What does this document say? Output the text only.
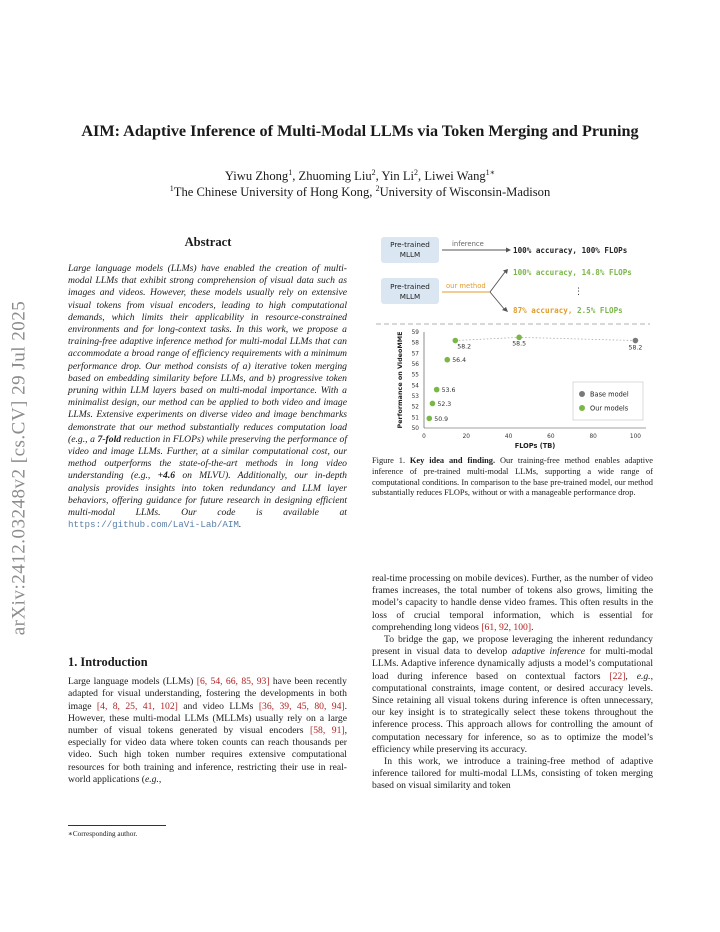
arXiv:2412.03248v2 [cs.CV] 29 Jul 2025
AIM: Adaptive Inference of Multi-Modal LLMs via Token Merging and Pruning
Yiwu Zhong$^1$, Zhuoming Liu$^2$, Yin Li$^2$, Liwei Wang$^{1∗}$
$^1$The Chinese University of Hong Kong, $^2$University of Wisconsin-Madison
Abstract
Large language models (LLMs) have enabled the creation of multi-modal LLMs that exhibit strong comprehension of visual data such as images and videos. However, these models usually rely on extensive visual tokens from visual encoders, leading to high computational demands, which limits their applicability in resource-constrained environments and for long-context tasks. In this work, we propose a training-free adaptive inference method for multi-modal LLMs that can accommodate a broad range of efficiency requirements with a minimum performance drop. Our method consists of a) iterative token merging based on embedding similarity before LLMs, and b) progressive token pruning within LLM layers based on multi-modal importance. With a minimalist design, our method can be applied to both video and image LLMs. Extensive experiments on diverse video and image benchmarks demonstrate that our method substantially reduces computation load (e.g., a 7-fold reduction in FLOPs) while preserving the performance of video and image LLMs. Further, at a similar computational cost, our method outperforms the state-of-the-art methods in long video understanding (e.g., +4.6 on MLVU). Additionally, our in-depth analysis provides insights into token redundancy and LLM layer behaviors, offering guidance for future research in designing efficient multi-modal LLMs. Our code is available at https://github.com/LaVi-Lab/AIM.
1. Introduction
Large language models (LLMs) [6, 54, 66, 85, 93] have been recently adapted for visual understanding, fostering the developments in both image [4, 8, 25, 41, 102] and video LLMs [36, 39, 45, 80, 94]. However, these multi-modal LLMs (MLLMs) usually rely on a large number of visual tokens generated by visual encoders [58, 91], especially for video data where token counts can reach thousands per video. Such high token number requires extensive computational resources for both training and inference, restricting their use in real-world applications (e.g.,
∗Corresponding author.
Pre-trained
MLLM
inference
100% accuracy, 100% FLOPs
Pre-trained
MLLM
our method
100% accuracy, 14.8% FLOPs
⋮
87% accuracy, 2.5% FLOPs
0	20	40	60	80	100
50
51
52
53
54
55
56
57
58
59
FLOPs (TB)
Performance on VideoMME	58.2
50.9
52.3
53.6
56.4
58.2	58.5
Base model
Our models
Figure 1. Key idea and finding. Our training-free method enables adaptive inference of pre-trained multi-modal LLMs, supporting a wide range of computational conditions. In comparison to the base pre-trained model, our method substantially reduces FLOPs, without or with a manageable performance drop.

real-time processing on mobile devices). Further, as the number of video frames increases, the total number of tokens also grows, limiting the model’s capacity to handle dense video frames. This often results in the loss of crucial temporal information, which is essential for comprehending long videos [61, 92, 100].

To bridge the gap, we propose leveraging the inherent redundancy present in visual data to develop adaptive inference for multi-modal LLMs. Adaptive inference dynamically adjusts a model’s computational load during inference based on contextual factors [22], e.g., computational constraints, image content, or desired accuracy levels. Since retaining all visual tokens during inference is often unnecessary, our key insight is to strategically select these tokens throughout the inference process. This approach allows for controlling the amount of computation necessary for inference, so as to optimize the model’s efficiency while preserving its accuracy.

In this work, we introduce a training-free method of adaptive inference tailored for multi-modal LLMs, consisting of token merging based on visual similarity and token
